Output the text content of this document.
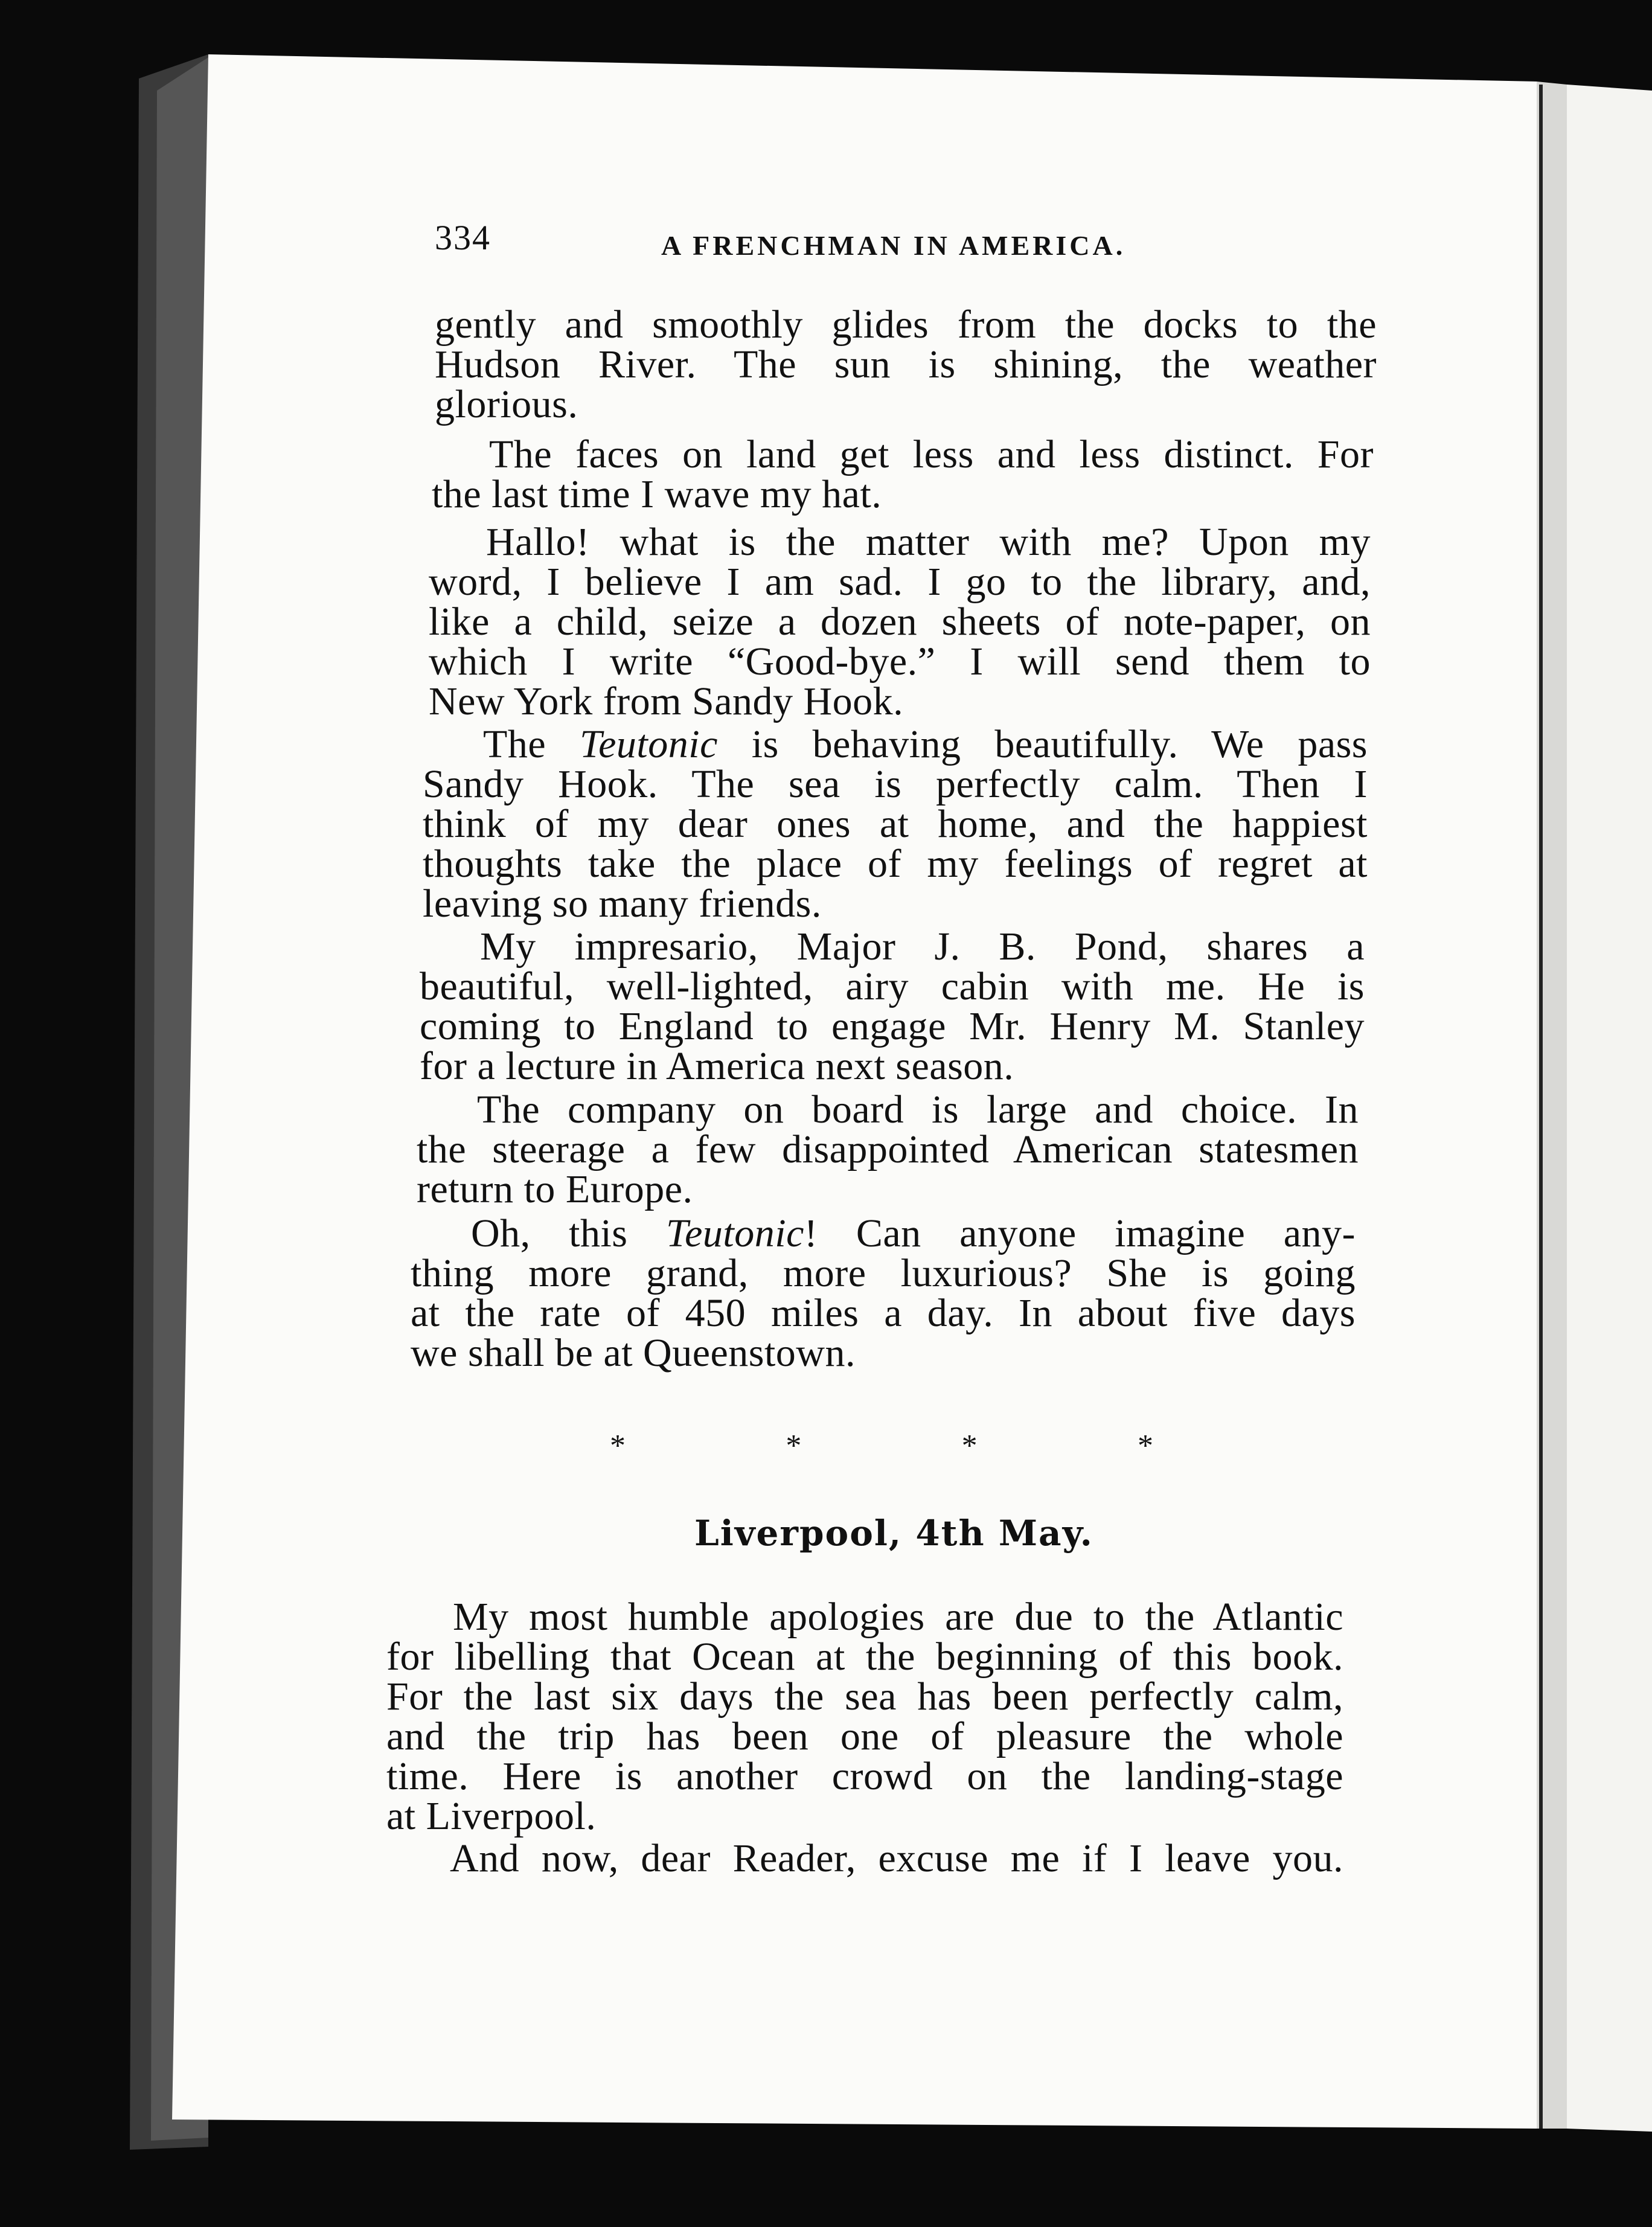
334	A FRENCHMAN IN AMERICA.
gently and smoothly glides from the docks to the
Hudson River. The sun is shining, the weather
glorious.
The faces on land get less and less distinct. For
the last time I wave my hat.
Hallo! what is the matter with me? Upon my
word, I believe I am sad. I go to the library, and,
like a child, seize a dozen sheets of note-paper, on
which I write “Good-bye.” I will send them to
New York from Sandy Hook.
The Teutonic is behaving beautifully. We pass
Sandy Hook. The sea is perfectly calm. Then I
think of my dear ones at home, and the happiest
thoughts take the place of my feelings of regret at
leaving so many friends.
My impresario, Major J. B. Pond, shares a
beautiful, well-lighted, airy cabin with me. He is
coming to England to engage Mr. Henry M. Stanley
for a lecture in America next season.
The company on board is large and choice. In
the steerage a few disappointed American statesmen
return to Europe.
Oh, this Teutonic! Can anyone imagine any-
thing more grand, more luxurious? She is going
at the rate of 450 miles a day. In about five days
we shall be at Queenstown.
*	*	*	*
Liverpool, 4th May.
My most humble apologies are due to the Atlantic
for libelling that Ocean at the beginning of this book.
For the last six days the sea has been perfectly calm,
and the trip has been one of pleasure the whole
time. Here is another crowd on the landing-stage
at Liverpool.
And now, dear Reader, excuse me if I leave you.
